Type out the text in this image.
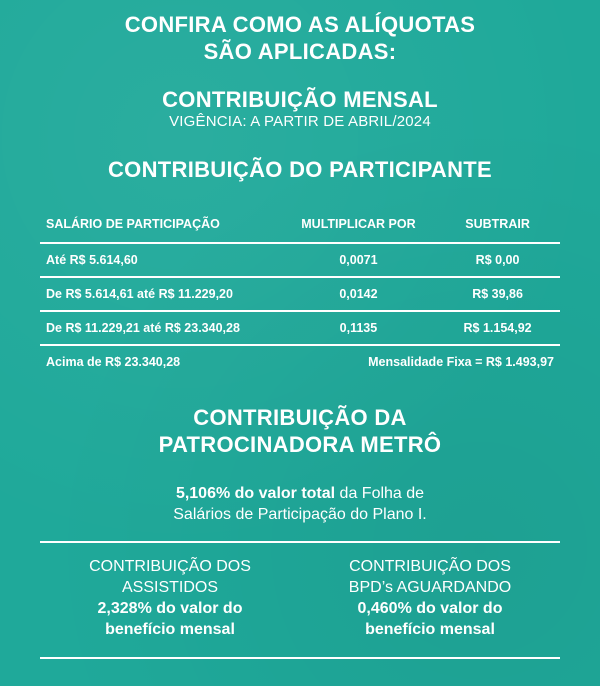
CONFIRA COMO AS ALÍQUOTAS
SÃO APLICADAS:
CONTRIBUIÇÃO MENSAL
VIGÊNCIA: A PARTIR DE ABRIL/2024
CONTRIBUIÇÃO DO PARTICIPANTE
SALÁRIO DE PARTICIPAÇÃO	MULTIPLICAR POR	SUBTRAIR
Até R$ 5.614,60	0,0071	R$ 0,00
De R$ 5.614,61 até R$ 11.229,20	0,0142	R$ 39,86
De R$ 11.229,21 até R$ 23.340,28	0,1135	R$ 1.154,92
Acima de R$ 23.340,28	Mensalidade Fixa = R$ 1.493,97	
CONTRIBUIÇÃO DA
PATROCINADORA METRÔ
5,106% do valor total da Folha de
Salários de Participação do Plano I.
CONTRIBUIÇÃO DOS
ASSISTIDOS
2,328% do valor do
benefício mensal
CONTRIBUIÇÃO DOS
BPD’s AGUARDANDO
0,460% do valor do
benefício mensal
